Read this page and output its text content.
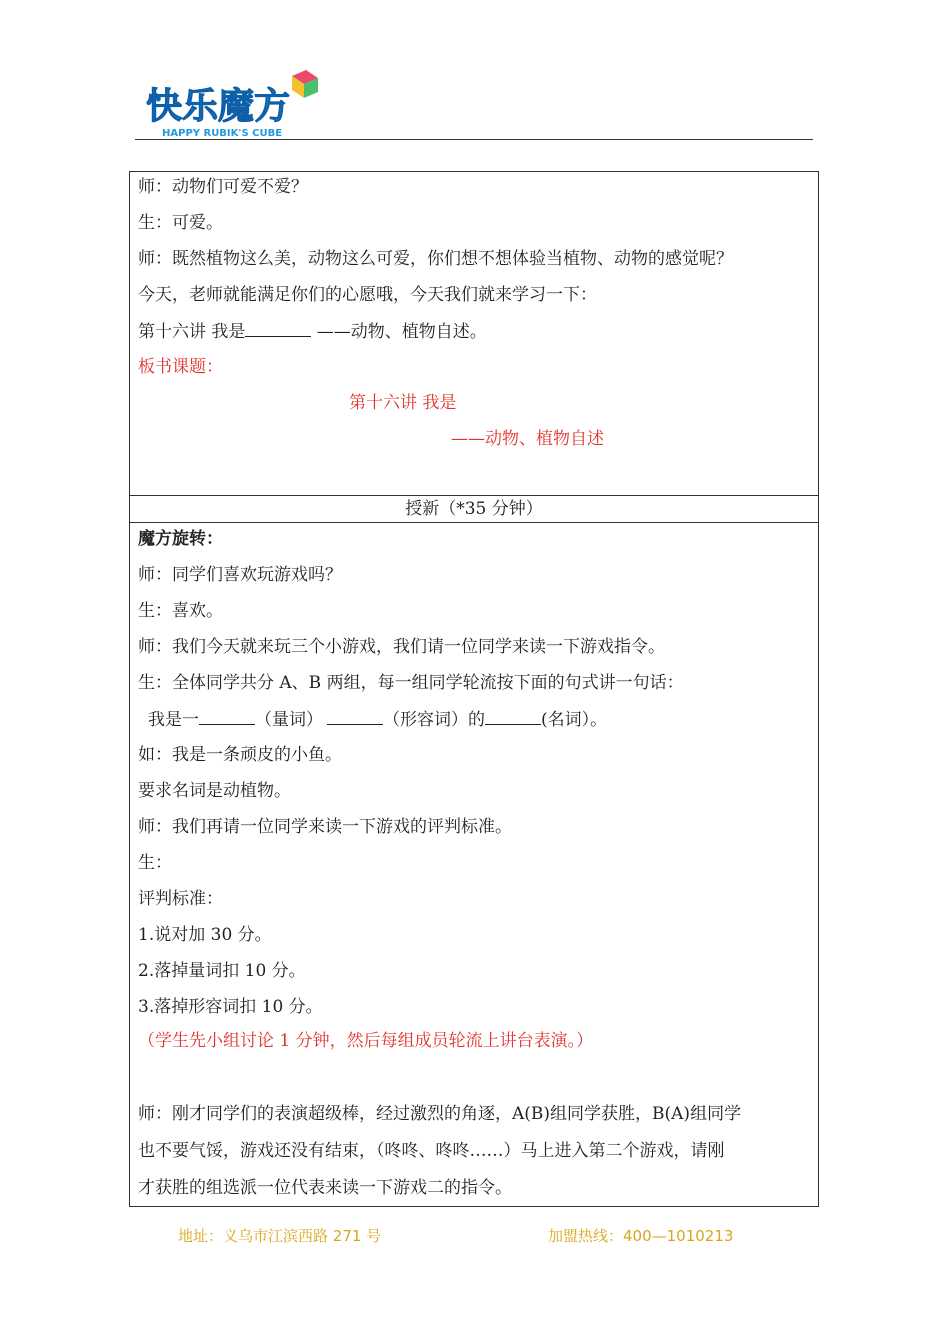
快乐魔方
HAPPY RUBIK'S CUBE
师：动物们可爱不爱？
生：可爱。
师：既然植物这么美，动物这么可爱，你们想不想体验当植物、动物的感觉呢？
今天，老师就能满足你们的心愿哦，今天我们就来学习一下：
第十六讲 我是	——动物、植物自述。
板书课题：
第十六讲 我是
——动物、植物自述
授新（*35 分钟）
魔方旋转：
师：同学们喜欢玩游戏吗？
生：喜欢。
师：我们今天就来玩三个小游戏，我们请一位同学来读一下游戏指令。
生：全体同学共分 A、B 两组，每一组同学轮流按下面的句式讲一句话：
我是一	（量词）	（形容词）的	(名词）。
如：我是一条顽皮的小鱼。
要求名词是动植物。
师：我们再请一位同学来读一下游戏的评判标准。
生：
评判标准：
1.说对加 30 分。
2.落掉量词扣 10 分。
3.落掉形容词扣 10 分。
（学生先小组讨论 1 分钟，然后每组成员轮流上讲台表演。）
师：刚才同学们的表演超级棒，经过激烈的角逐，A(B)组同学获胜，B(A)组同学
也不要气馁，游戏还没有结束，（咚咚、咚咚……）马上进入第二个游戏，请刚
才获胜的组选派一位代表来读一下游戏二的指令。
地址：义乌市江滨西路 271 号	加盟热线：400—1010213
